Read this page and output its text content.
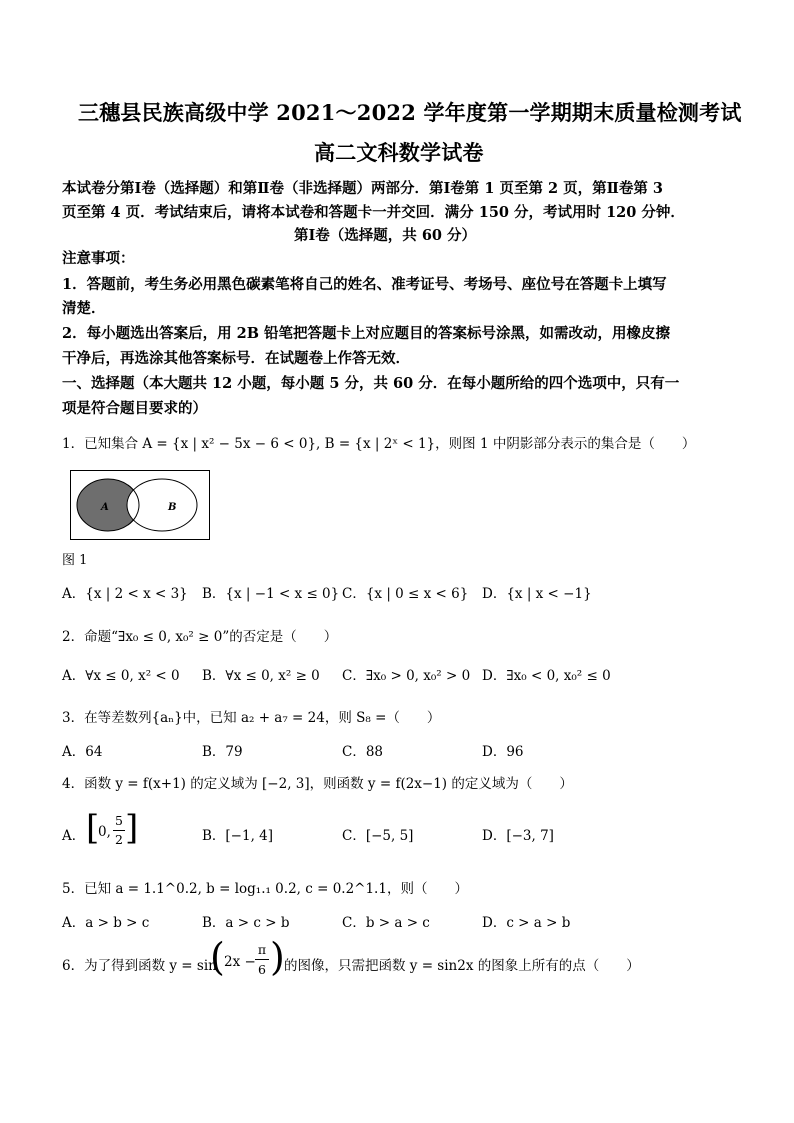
三穗县民族高级中学 2021～2022 学年度第一学期期末质量检测考试
高二文科数学试卷
本试卷分第Ⅰ卷（选择题）和第Ⅱ卷（非选择题）两部分．第Ⅰ卷第 1 页至第 2 页，第Ⅱ卷第 3
页至第 4 页．考试结束后，请将本试卷和答题卡一并交回．满分 150 分，考试用时 120 分钟．
第Ⅰ卷（选择题，共 60 分）
注意事项：
1．答题前，考生务必用黑色碳素笔将自己的姓名、准考证号、考场号、座位号在答题卡上填写
清楚．
2．每小题选出答案后，用 2B 铅笔把答题卡上对应题目的答案标号涂黑，如需改动，用橡皮擦
干净后，再选涂其他答案标号．在试题卷上作答无效．
一、选择题（本大题共 12 小题，每小题 5 分，共 60 分．在每小题所给的四个选项中，只有一
项是符合题目要求的）
1．已知集合 A = {x | x² − 5x − 6 < 0}, B = {x | 2ˣ < 1}，则图 1 中阴影部分表示的集合是（　　）
A	B
图 1
A．{x | 2 < x < 3} B．{x | −1 < x ≤ 0} C．{x | 0 ≤ x < 6} D．{x | x < −1}
2．命题“∃x₀ ≤ 0, x₀² ≥ 0”的否定是（　　）
A．∀x ≤ 0, x² < 0 B．∀x ≤ 0, x² ≥ 0 C．∃x₀ > 0, x₀² > 0 D．∃x₀ < 0, x₀² ≤ 0
3．在等差数列{aₙ}中，已知 a₂ + a₇ = 24，则 S₈ =（　　）
A．64	B．79	C．88	D．96
4．函数 y = f(x+1) 的定义域为 [−2, 3]，则函数 y = f(2x−1) 的定义域为（　　）
A． [
0, $\frac{5}{2}$ ]	B．[−1, 4]	C．[−5, 5]	D．[−3, 7]
5．已知 a = 1.1^0.2, b = log₁.₁ 0.2, c = 0.2^1.1，则（　　）
A．a > b > c	B．a > c > b	C．b > a > c	D．c > a > b
6．为了得到函数 y = sin
( $2x - \frac{\pi}{6}$ ) 的图像，只需把函数 y = sin2x 的图象上所有的点（　　）
